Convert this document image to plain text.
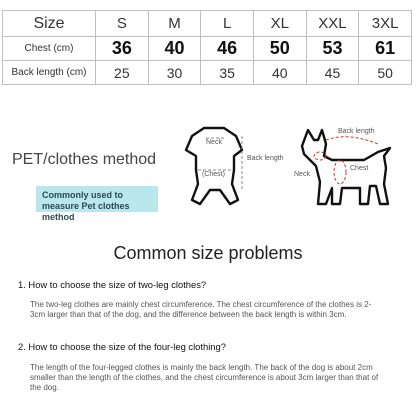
Size	S	M	L	XL	XXL	3XL
Chest (cm)	36	40	46	50	53	61
Back length (cm)	25	30	35	40	45	50
PET/clothes method
Commonly used to measure Pet clothes method
Neck
(Chest)
Back length
Back length
Neck
Chest
Common size problems
1. How to choose the size of two-leg clothes?
The two-leg clothes are mainly chest circumference. The chest circumference of the clothes is 2-3cm larger than that of the dog, and the difference between the back length is within 3cm.
2. How to choose the size of the four-leg clothing?
The length of the four-legged clothes is mainly the back length. The back of the dog is about 2cm smaller than the length of the clothes, and the chest circumference is about 3cm larger than that of the dog.
